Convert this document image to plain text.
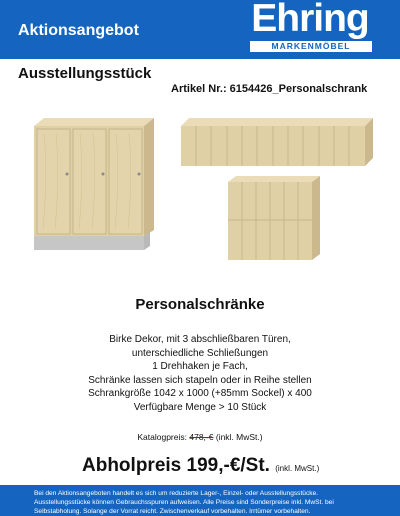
Aktionsangebot	Ehring
MARKENMÖBEL
Ausstellungsstück
Artikel Nr.: 6154426_Personalschrank
Personalschränke
Birke Dekor, mit 3 abschließbaren Türen,
unterschiedliche Schließungen
1 Drehhaken je Fach,
Schränke lassen sich stapeln oder in Reihe stellen
Schrankgröße 1042 x 1000 (+85mm Sockel) x 400
Verfügbare Menge > 10 Stück
Katalogpreis: 478,-€ (inkl. MwSt.)
Abholpreis 199,-€/St. (inkl. MwSt.)
Bei den Aktionsangeboten handelt es sich um reduzierte Lager-, Einzel- oder Ausstellungsstücke.
Ausstellungsstücke können Gebrauchsspuren aufweisen. Alle Preise sind Sonderpreise inkl. MwSt. bei
Selbstabholung. Solange der Vorrat reicht. Zwischenverkauf vorbehalten. Irrtümer vorbehalten.
